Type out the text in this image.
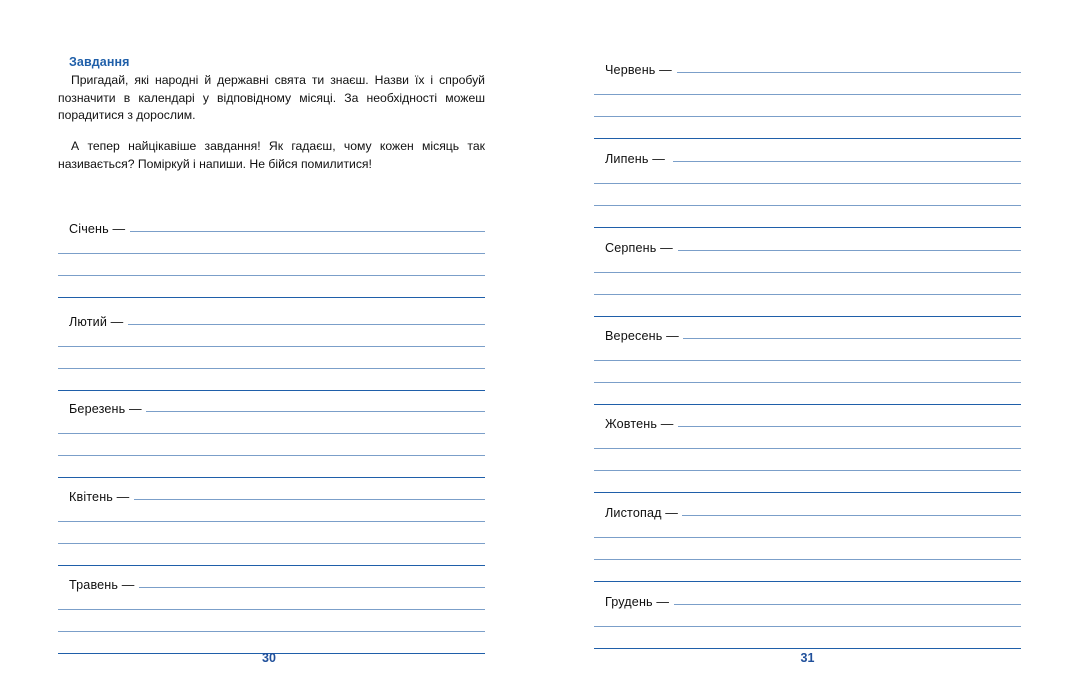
Завдання

Пригадай, які народні й державні свята ти знаєш. Назви їх і спробуй позначити в календарі у відповідному місяці. За необхідності можеш порадитися з дорослим.

А тепер найцікавіше завдання! Як гадаєш, чому кожен місяць так називається? Поміркуй і напиши. Не бійся помилитися!

Січень —
Лютий —
Березень —
Квітень —
Травень —
30
Червень —
Липень —
Серпень —
Вересень —
Жовтень —
Листопад —
Грудень —
31
